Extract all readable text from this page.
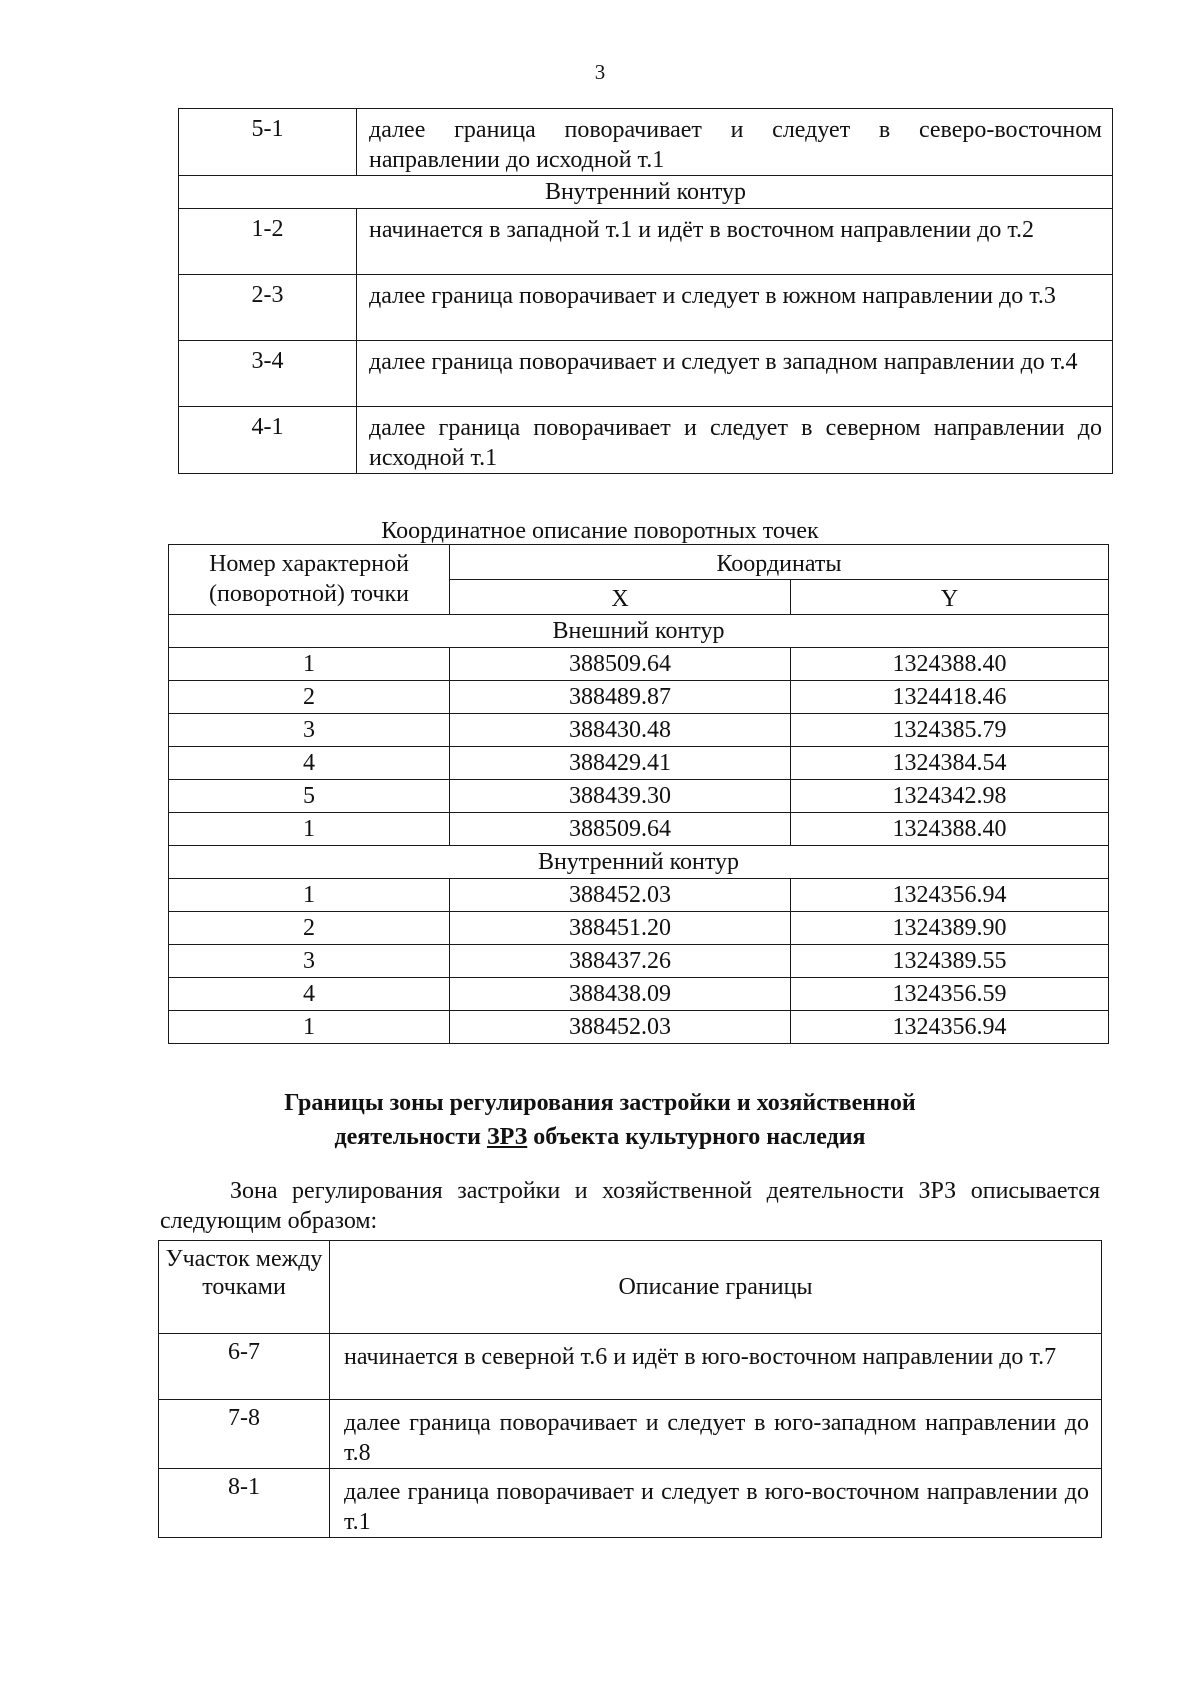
3
5-1	далее граница поворачивает и следует в северо-восточном направлении до исходной т.1
Внутренний контур	
1-2	начинается в западной т.1 и идёт в восточном направлении до т.2
2-3	далее граница поворачивает и следует в южном направлении до т.3
3-4	далее граница поворачивает и следует в западном направлении до т.4
4-1	далее граница поворачивает и следует в северном направлении до исходной т.1
Координатное описание поворотных точек
Номер характерной (поворотной) точки	Координаты	
	X	Y
Внешний контур		
1	388509.64	1324388.40
2	388489.87	1324418.46
3	388430.48	1324385.79
4	388429.41	1324384.54
5	388439.30	1324342.98
1	388509.64	1324388.40
Внутренний контур		
1	388452.03	1324356.94
2	388451.20	1324389.90
3	388437.26	1324389.55
4	388438.09	1324356.59
1	388452.03	1324356.94
Границы зоны регулирования застройки и хозяйственной
деятельности ЗРЗ объекта культурного наследия
Зона регулирования застройки и хозяйственной деятельности ЗРЗ описывается следующим образом:
Участок между точками	Описание границы
6-7	начинается в северной т.6 и идёт в юго-восточном направлении до т.7
7-8	далее граница поворачивает и следует в юго-западном направлении до т.8
8-1	далее граница поворачивает и следует в юго-восточном направлении до т.1
